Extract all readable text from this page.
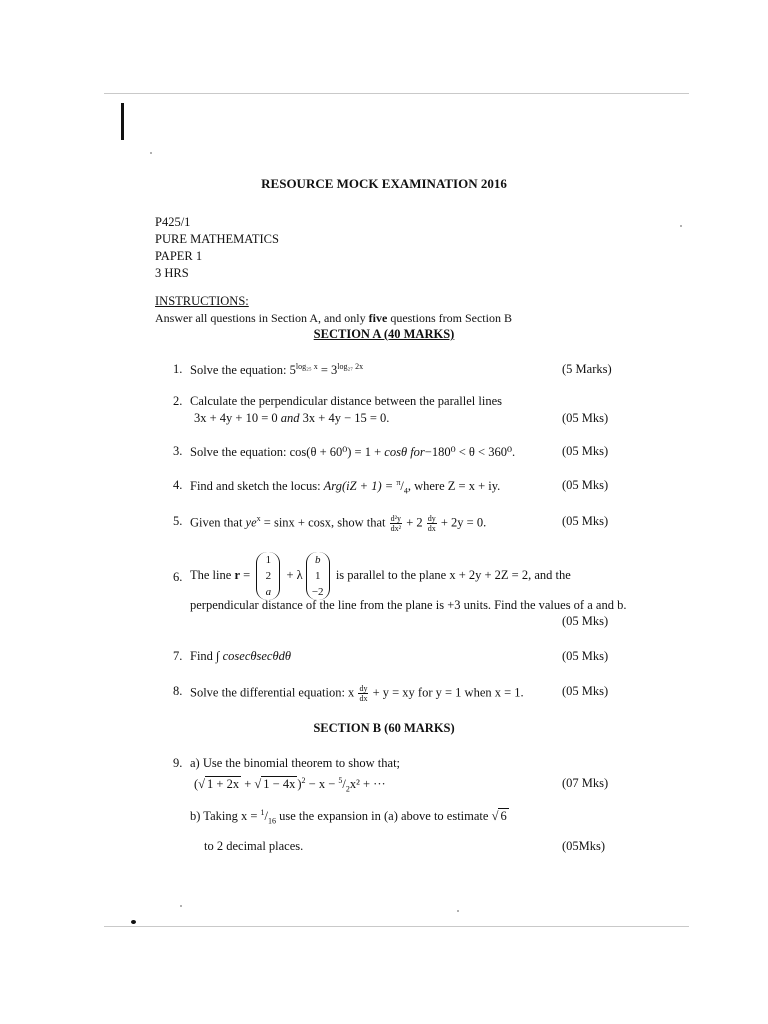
RESOURCE MOCK EXAMINATION 2016
P425/1
PURE MATHEMATICS
PAPER 1
3 HRS
INSTRUCTIONS:
Answer all questions in Section A, and only five questions from Section B
SECTION A (40 MARKS)
1. Solve the equation: $5^{log_{25} x} = 3^{log_{27} 2x}$	(5 Marks)
2. Calculate the perpendicular distance between the parallel lines
3x + 4y + 10 = 0 and 3x + 4y − 15 = 0.	(05 Mks)
3. Solve the equation: cos(θ + 60⁰) = 1 + cosθ for−180⁰ < θ < 360⁰.	(05 Mks)
4. Find and sketch the locus: $Arg(iZ + 1) = ^\pi/_4$, where Z = x + iy.	(05 Mks)
5. Given that $ye^x = \sin x + \cos x$, show that $\frac{\text{d²y}}{\text{dx²}} + 2 \frac{dy}{dx} + 2y = 0$.	(05 Mks)
6. The line r =
1
2
a
+ λ
b
1
−2
is parallel to the plane x + 2y + 2Z = 2, and the
perpendicular distance of the line from the plane is +3 units. Find the values of a and b.
(05 Mks)
7. Find ∫ cosecθsecθdθ	(05 Mks)
8. Solve the differential equation: x $\frac{dy}{dx} + y$ = xy for y = 1 when x = 1.	(05 Mks)
SECTION B (60 MARKS)
9. a) Use the binomial theorem to show that;
(√ 1 + 2x + √ 1 − 4x )$^2 - x - ^5/_2x^2$ + ···	(07 Mks)
b) Taking $x = ^1/_{16}$ use the expansion in (a) above to estimate √ 6
to 2 decimal places.	(05Mks)
